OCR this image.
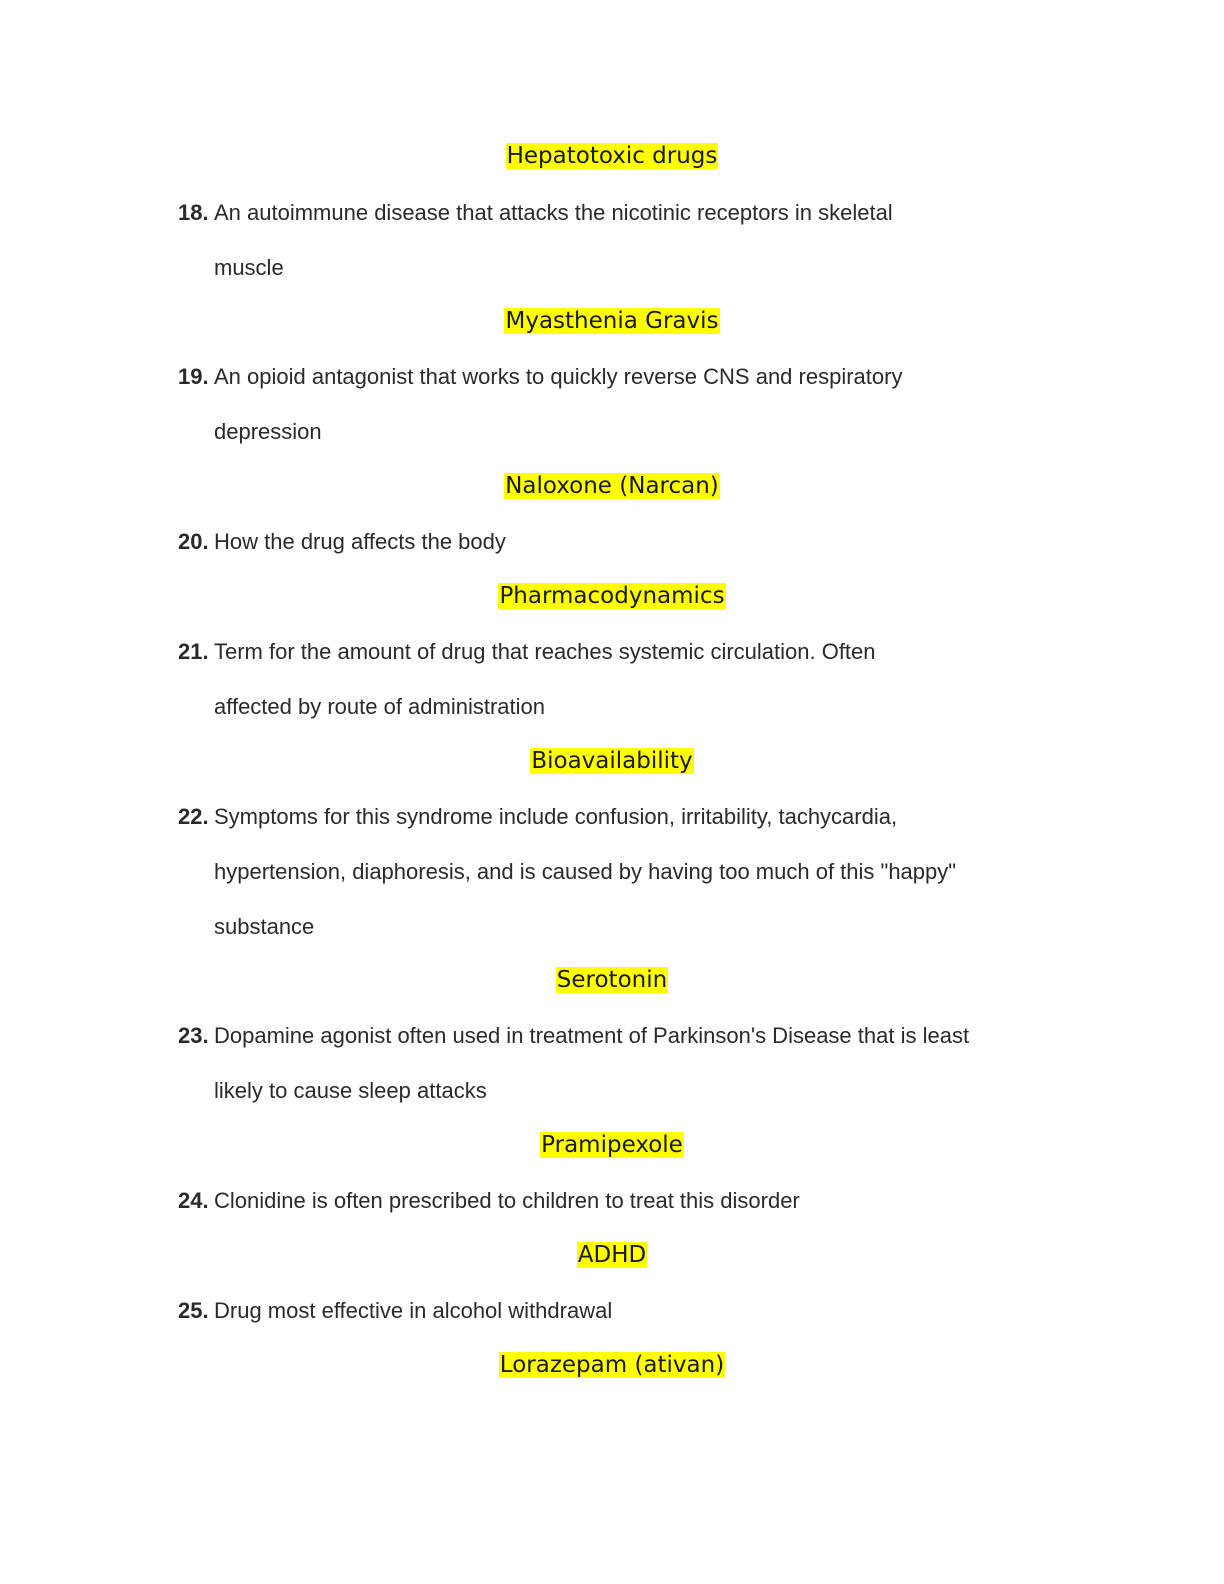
Hepatotoxic drugs
18. An autoimmune disease that attacks the nicotinic receptors in skeletal
muscle
Myasthenia Gravis
19. An opioid antagonist that works to quickly reverse CNS and respiratory
depression
Naloxone (Narcan)
20. How the drug affects the body
Pharmacodynamics
21. Term for the amount of drug that reaches systemic circulation. Often
affected by route of administration
Bioavailability
22. Symptoms for this syndrome include confusion, irritability, tachycardia,
hypertension, diaphoresis, and is caused by having too much of this "happy"
substance
Serotonin
23. Dopamine agonist often used in treatment of Parkinson's Disease that is least
likely to cause sleep attacks
Pramipexole
24. Clonidine is often prescribed to children to treat this disorder
ADHD
25. Drug most effective in alcohol withdrawal
Lorazepam (ativan)
